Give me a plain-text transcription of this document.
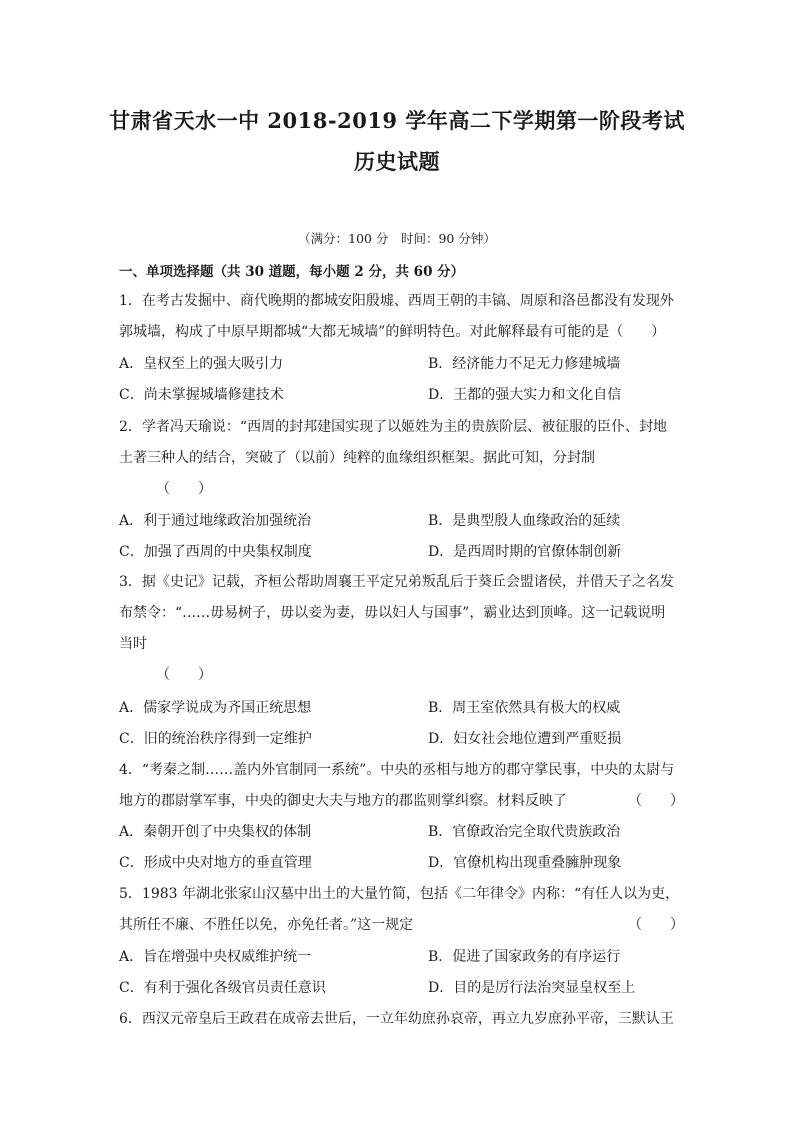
甘肃省天水一中 2018-2019 学年高二下学期第一阶段考试
历史试题
（满分：100 分　时间：90 分钟）
一、单项选择题（共 30 道题，每小题 2 分，共 60 分）
1．在考古发掘中、商代晚期的都城安阳殷墟、西周王朝的丰镐、周原和洛邑都没有发现外
郭城墙，构成了中原早期都城“大都无城墙”的鲜明特色。对此解释最有可能的是（　　）
A．皇权至上的强大吸引力	B．经济能力不足无力修建城墙
C．尚未掌握城墙修建技术	D．王都的强大实力和文化自信
2．学者冯天瑜说：“西周的封邦建国实现了以姬姓为主的贵族阶层、被征服的臣仆、封地
土著三种人的结合，突破了（以前）纯粹的血缘组织框架。据此可知，分封制
（　　）
A．利于通过地缘政治加强统治	B．是典型殷人血缘政治的延续
C．加强了西周的中央集权制度	D．是西周时期的官僚体制创新
3．据《史记》记载，齐桓公帮助周襄王平定兄弟叛乱后于葵丘会盟诸侯，并借天子之名发
布禁令：“……毋易树子，毋以妾为妻，毋以妇人与国事”，霸业达到顶峰。这一记载说明
当时
（　　）
A．儒家学说成为齐国正统思想	B．周王室依然具有极大的权威
C．旧的统治秩序得到一定维护	D．妇女社会地位遭到严重贬损
4．“考秦之制……盖内外官制同一系统”。中央的丞相与地方的郡守掌民事，中央的太尉与
地方的郡尉掌军事，中央的御史大夫与地方的郡监则掌纠察。材料反映了	（　　）
A．秦朝开创了中央集权的体制	B．官僚政治完全取代贵族政治
C．形成中央对地方的垂直管理	D．官僚机构出现重叠臃肿现象
5．1983 年湖北张家山汉墓中出土的大量竹简，包括《二年律令》内称：“有任人以为吏，
其所任不廉、不胜任以免，亦免任者。”这一规定	（　　）
A．旨在增强中央权威维护统一	B．促进了国家政务的有序运行
C．有利于强化各级官员责任意识	D．目的是厉行法治突显皇权至上
6．西汉元帝皇后王政君在成帝去世后，一立年幼庶孙哀帝，再立九岁庶孙平帝，三默认王
